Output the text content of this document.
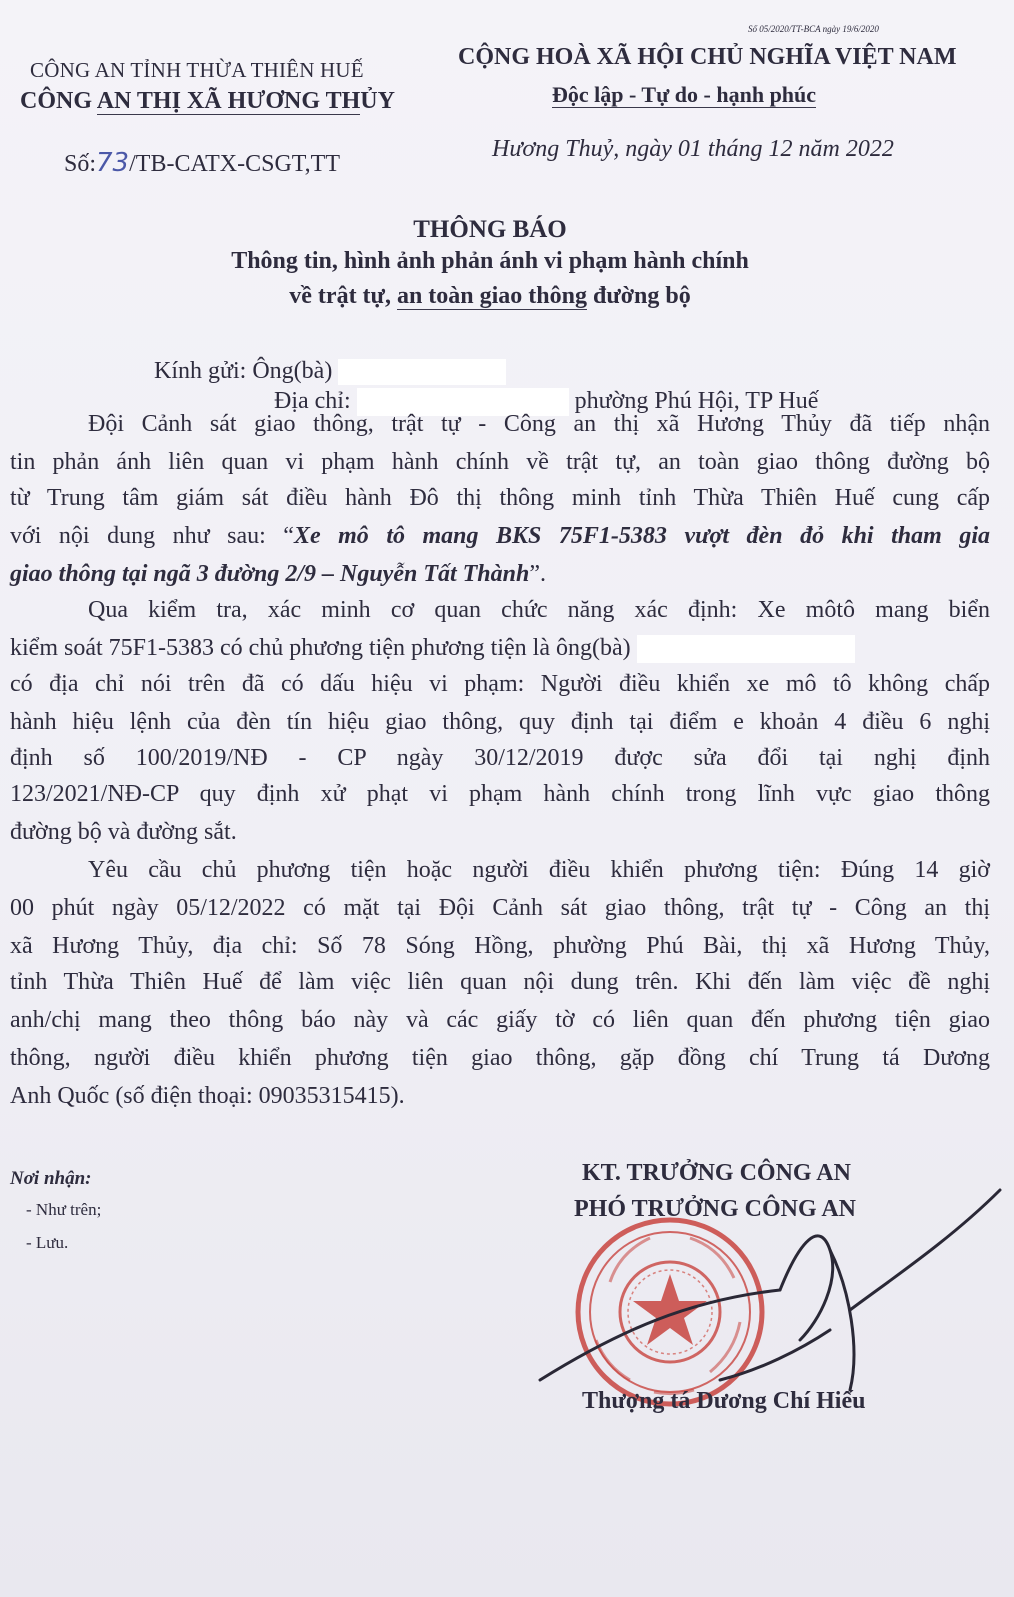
Số 05/2020/TT-BCA ngày 19/6/2020
CÔNG AN TỈNH THỪA THIÊN HUẾ
CÔNG AN THỊ XÃ HƯƠNG THỦY
CỘNG HOÀ XÃ HỘI CHỦ NGHĨA VIỆT NAM
Độc lập - Tự do - hạnh phúc
Số:73/TB-CATX-CSGT,TT
Hương Thuỷ, ngày 01 tháng 12 năm 2022
THÔNG BÁO
Thông tin, hình ảnh phản ánh vi phạm hành chính
về trật tự, an toàn giao thông đường bộ
Kính gửi: Ông(bà)
Địa chỉ:	phường Phú Hội, TP Huế
Đội Cảnh sát giao thông, trật tự - Công an thị xã Hương Thủy đã tiếp nhận
tin phản ánh liên quan vi phạm hành chính về trật tự, an toàn giao thông đường bộ
từ Trung tâm giám sát điều hành Đô thị thông minh tỉnh Thừa Thiên Huế cung cấp
với nội dung như sau: “Xe mô tô mang BKS 75F1-5383 vượt đèn đỏ khi tham gia
giao thông tại ngã 3 đường 2/9 – Nguyễn Tất Thành”.
Qua kiểm tra, xác minh cơ quan chức năng xác định: Xe môtô mang biển
kiểm soát 75F1-5383 có chủ phương tiện phương tiện là ông(bà)
có địa chỉ nói trên đã có dấu hiệu vi phạm: Người điều khiển xe mô tô không chấp
hành hiệu lệnh của đèn tín hiệu giao thông, quy định tại điểm e khoản 4 điều 6 nghị
định số 100/2019/NĐ - CP ngày 30/12/2019 được sửa đổi tại nghị định
123/2021/NĐ-CP quy định xử phạt vi phạm hành chính trong lĩnh vực giao thông
đường bộ và đường sắt.
Yêu cầu chủ phương tiện hoặc người điều khiển phương tiện: Đúng 14 giờ
00 phút ngày 05/12/2022 có mặt tại Đội Cảnh sát giao thông, trật tự - Công an thị
xã Hương Thủy, địa chỉ: Số 78 Sóng Hồng, phường Phú Bài, thị xã Hương Thủy,
tỉnh Thừa Thiên Huế để làm việc liên quan nội dung trên. Khi đến làm việc đề nghị
anh/chị mang theo thông báo này và các giấy tờ có liên quan đến phương tiện giao
thông, người điều khiển phương tiện giao thông, gặp đồng chí Trung tá Dương
Anh Quốc (số điện thoại: 09035315415).
Nơi nhận:
- Như trên;
- Lưu.
KT. TRƯỞNG CÔNG AN
PHÓ TRƯỞNG CÔNG AN
Thượng tá Dương Chí Hiếu
